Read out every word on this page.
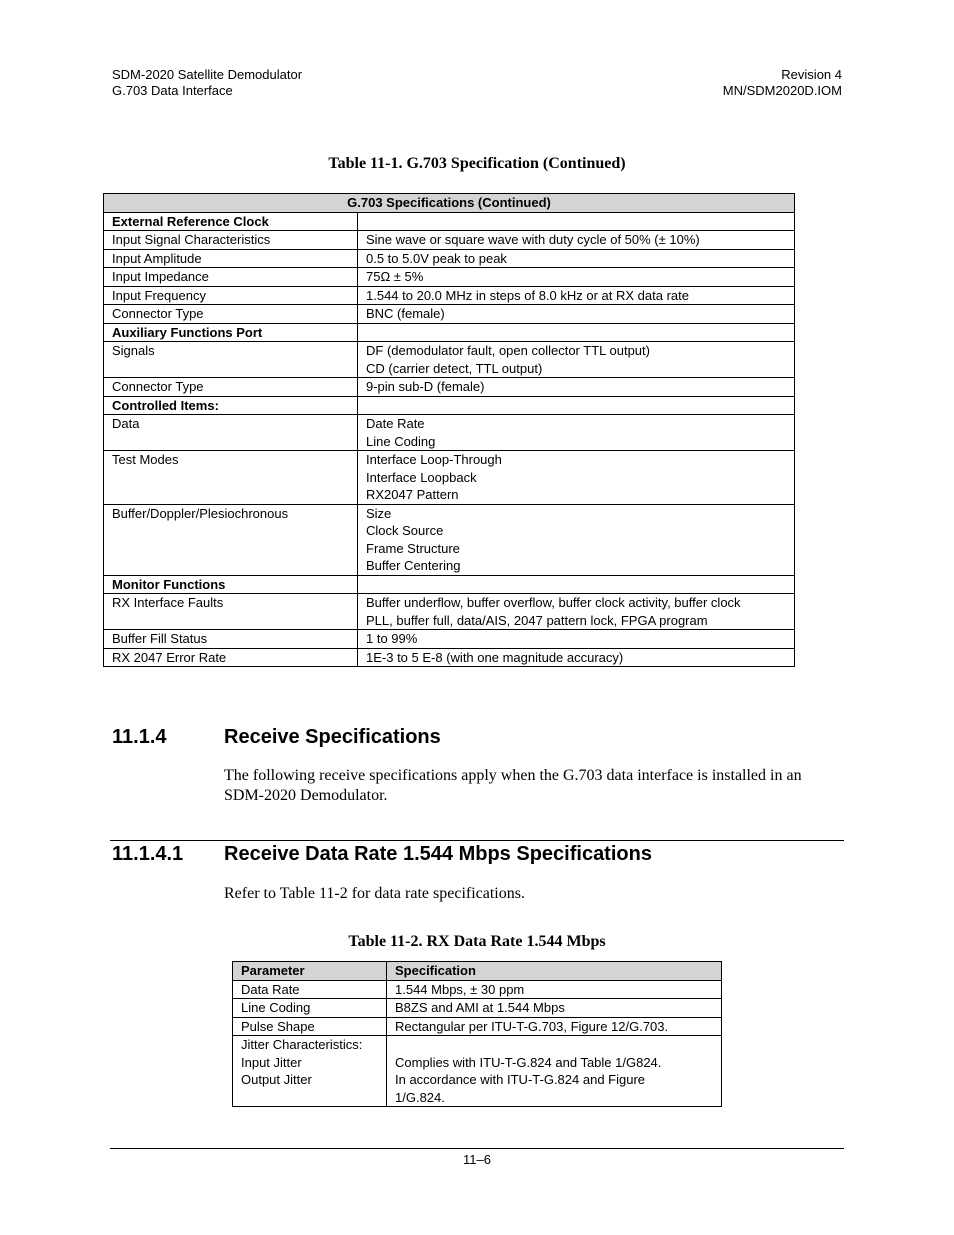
SDM-2020 Satellite Demodulator
G.703 Data Interface
Revision 4
MN/SDM2020D.IOM
Table 11-1. G.703 Specification (Continued)
G.703 Specifications (Continued)	
External Reference Clock	
Input Signal Characteristics	Sine wave or square wave with duty cycle of 50% (± 10%)

Input Amplitude	0.5 to 5.0V peak to peak

Input Impedance	75Ω ± 5%

Input Frequency	1.544 to 20.0 MHz in steps of 8.0 kHz or at RX data rate

Connector Type	BNC (female)

Auxiliary Functions Port	
Signals	DF (demodulator fault, open collector TTL output)
CD (carrier detect, TTL output)

Connector Type	9-pin sub-D (female)

Controlled Items:	
Data	Date Rate
Line Coding

Test Modes	Interface Loop-Through
Interface Loopback
RX2047 Pattern

Buffer/Doppler/Plesiochronous	Size
Clock Source
Frame Structure
Buffer Centering

Monitor Functions	
RX Interface Faults	Buffer underflow, buffer overflow, buffer clock activity, buffer clock
PLL, buffer full, data/AIS, 2047 pattern lock, FPGA program

Buffer Fill Status	1 to 99%

RX 2047 Error Rate	1E-3 to 5 E-8 (with one magnitude accuracy)
11.1.4	Receive Specifications
The following receive specifications apply when the G.703 data interface is installed in an SDM-2020 Demodulator.
11.1.4.1 Receive Data Rate 1.544 Mbps Specifications
Refer to Table 11-2 for data rate specifications.
Table 11-2. RX Data Rate 1.544 Mbps
Parameter	Specification

Data Rate	1.544 Mbps, ± 30 ppm

Line Coding	B8ZS and AMI at 1.544 Mbps

Pulse Shape	Rectangular per ITU-T-G.703, Figure 12/G.703.

Jitter Characteristics:
Input Jitter
Output Jitter	Complies with ITU-T-G.824 and Table 1/G824.
In accordance with ITU-T-G.824 and Figure
1/G.824.
11–6
